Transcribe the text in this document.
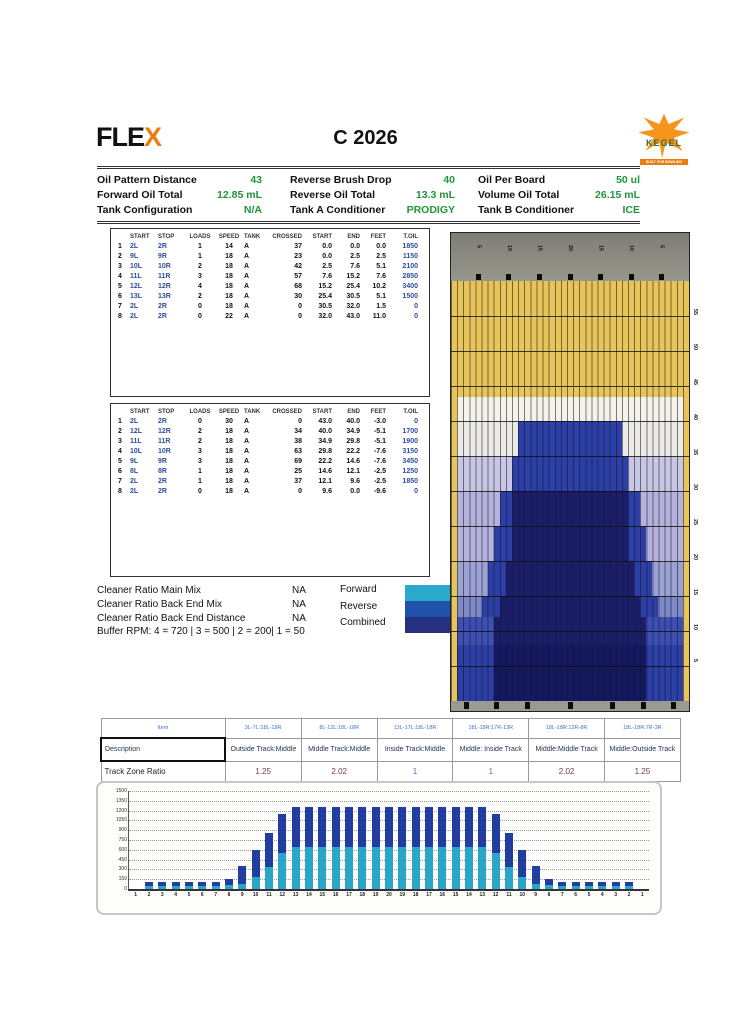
FLEX	C 2026	KEGEL
BUILT FOR BOWLING
Oil Pattern Distance	43	Reverse Brush Drop	40 Oil Per Board	50 ul
Forward Oil Total	12.85 mL	Reverse Oil Total	13.3 mL Volume Oil Total	26.15 mL
Tank Configuration	N/A	Tank A Conditioner	PRODIGY Tank B Conditioner	ICE
	START	STOP	LOADS	SPEED	TANK	CROSSED	START	END	FEET	T.OIL
1	2L	2R	1	14	A	37	0.0	0.0	0.0	1850
2	9L	9R	1	18	A	23	0.0	2.5	2.5	1150
3	10L	10R	2	18	A	42	2.5	7.6	5.1	2100
4	11L	11R	3	18	A	57	7.6	15.2	7.6	2850
5	12L	12R	4	18	A	68	15.2	25.4	10.2	3400
6	13L	13R	2	18	A	30	25.4	30.5	5.1	1500
7	2L	2R	0	18	A	0	30.5	32.0	1.5	0
8	2L	2R	0	22	A	0	32.0	43.0	11.0	0
	START	STOP	LOADS	SPEED	TANK	CROSSED	START	END	FEET	T.OIL
1	2L	2R	0	30	A	0	43.0	40.0	-3.0	0
2	12L	12R	2	18	A	34	40.0	34.9	-5.1	1700
3	11L	11R	2	18	A	38	34.9	29.8	-5.1	1900
4	10L	10R	3	18	A	63	29.8	22.2	-7.6	3150
5	9L	9R	3	18	A	69	22.2	14.6	-7.6	3450
6	8L	8R	1	18	A	25	14.6	12.1	-2.5	1250
7	2L	2R	1	18	A	37	12.1	9.6	-2.5	1850
8	2L	2R	0	18	A	0	9.6	0.0	-9.6	0
Cleaner Ratio Main Mix	NA
Cleaner Ratio Back End Mix	NA
Cleaner Ratio Back End Distance	NA
Buffer RPM: 4 = 720 | 3 = 500 | 2 = 200| 1 = 50
Forward
Reverse
Combined
5	10	15	20	15	10	5
55
50
45
40
35
30
25
20
15
10
5
Item	3L-7L:18L-18R	8L-12L:18L-18R	13L-17L:18L-18R	18L-18R:17R-13R	18L-18R:12R-8R	18L-18R:7R-3R
Description	Outside Track:Middle	Middle Track:Middle	Inside Track:Middle	Middle: Inside Track	Middle:Middle Track	Middle:Outside Track
Track Zone Ratio	1.25	2.02	1	1	2.02	1.25
0
150
300
450
600
750
900
1050
1200
1350
1500
1	2	3	4	5	6	7	8	9	10	11	12	13	14	15	16	17	18	19	20	19	18	17	16	15	14	13	12	11	10	9	8	7	6	5	4	3	2	1
